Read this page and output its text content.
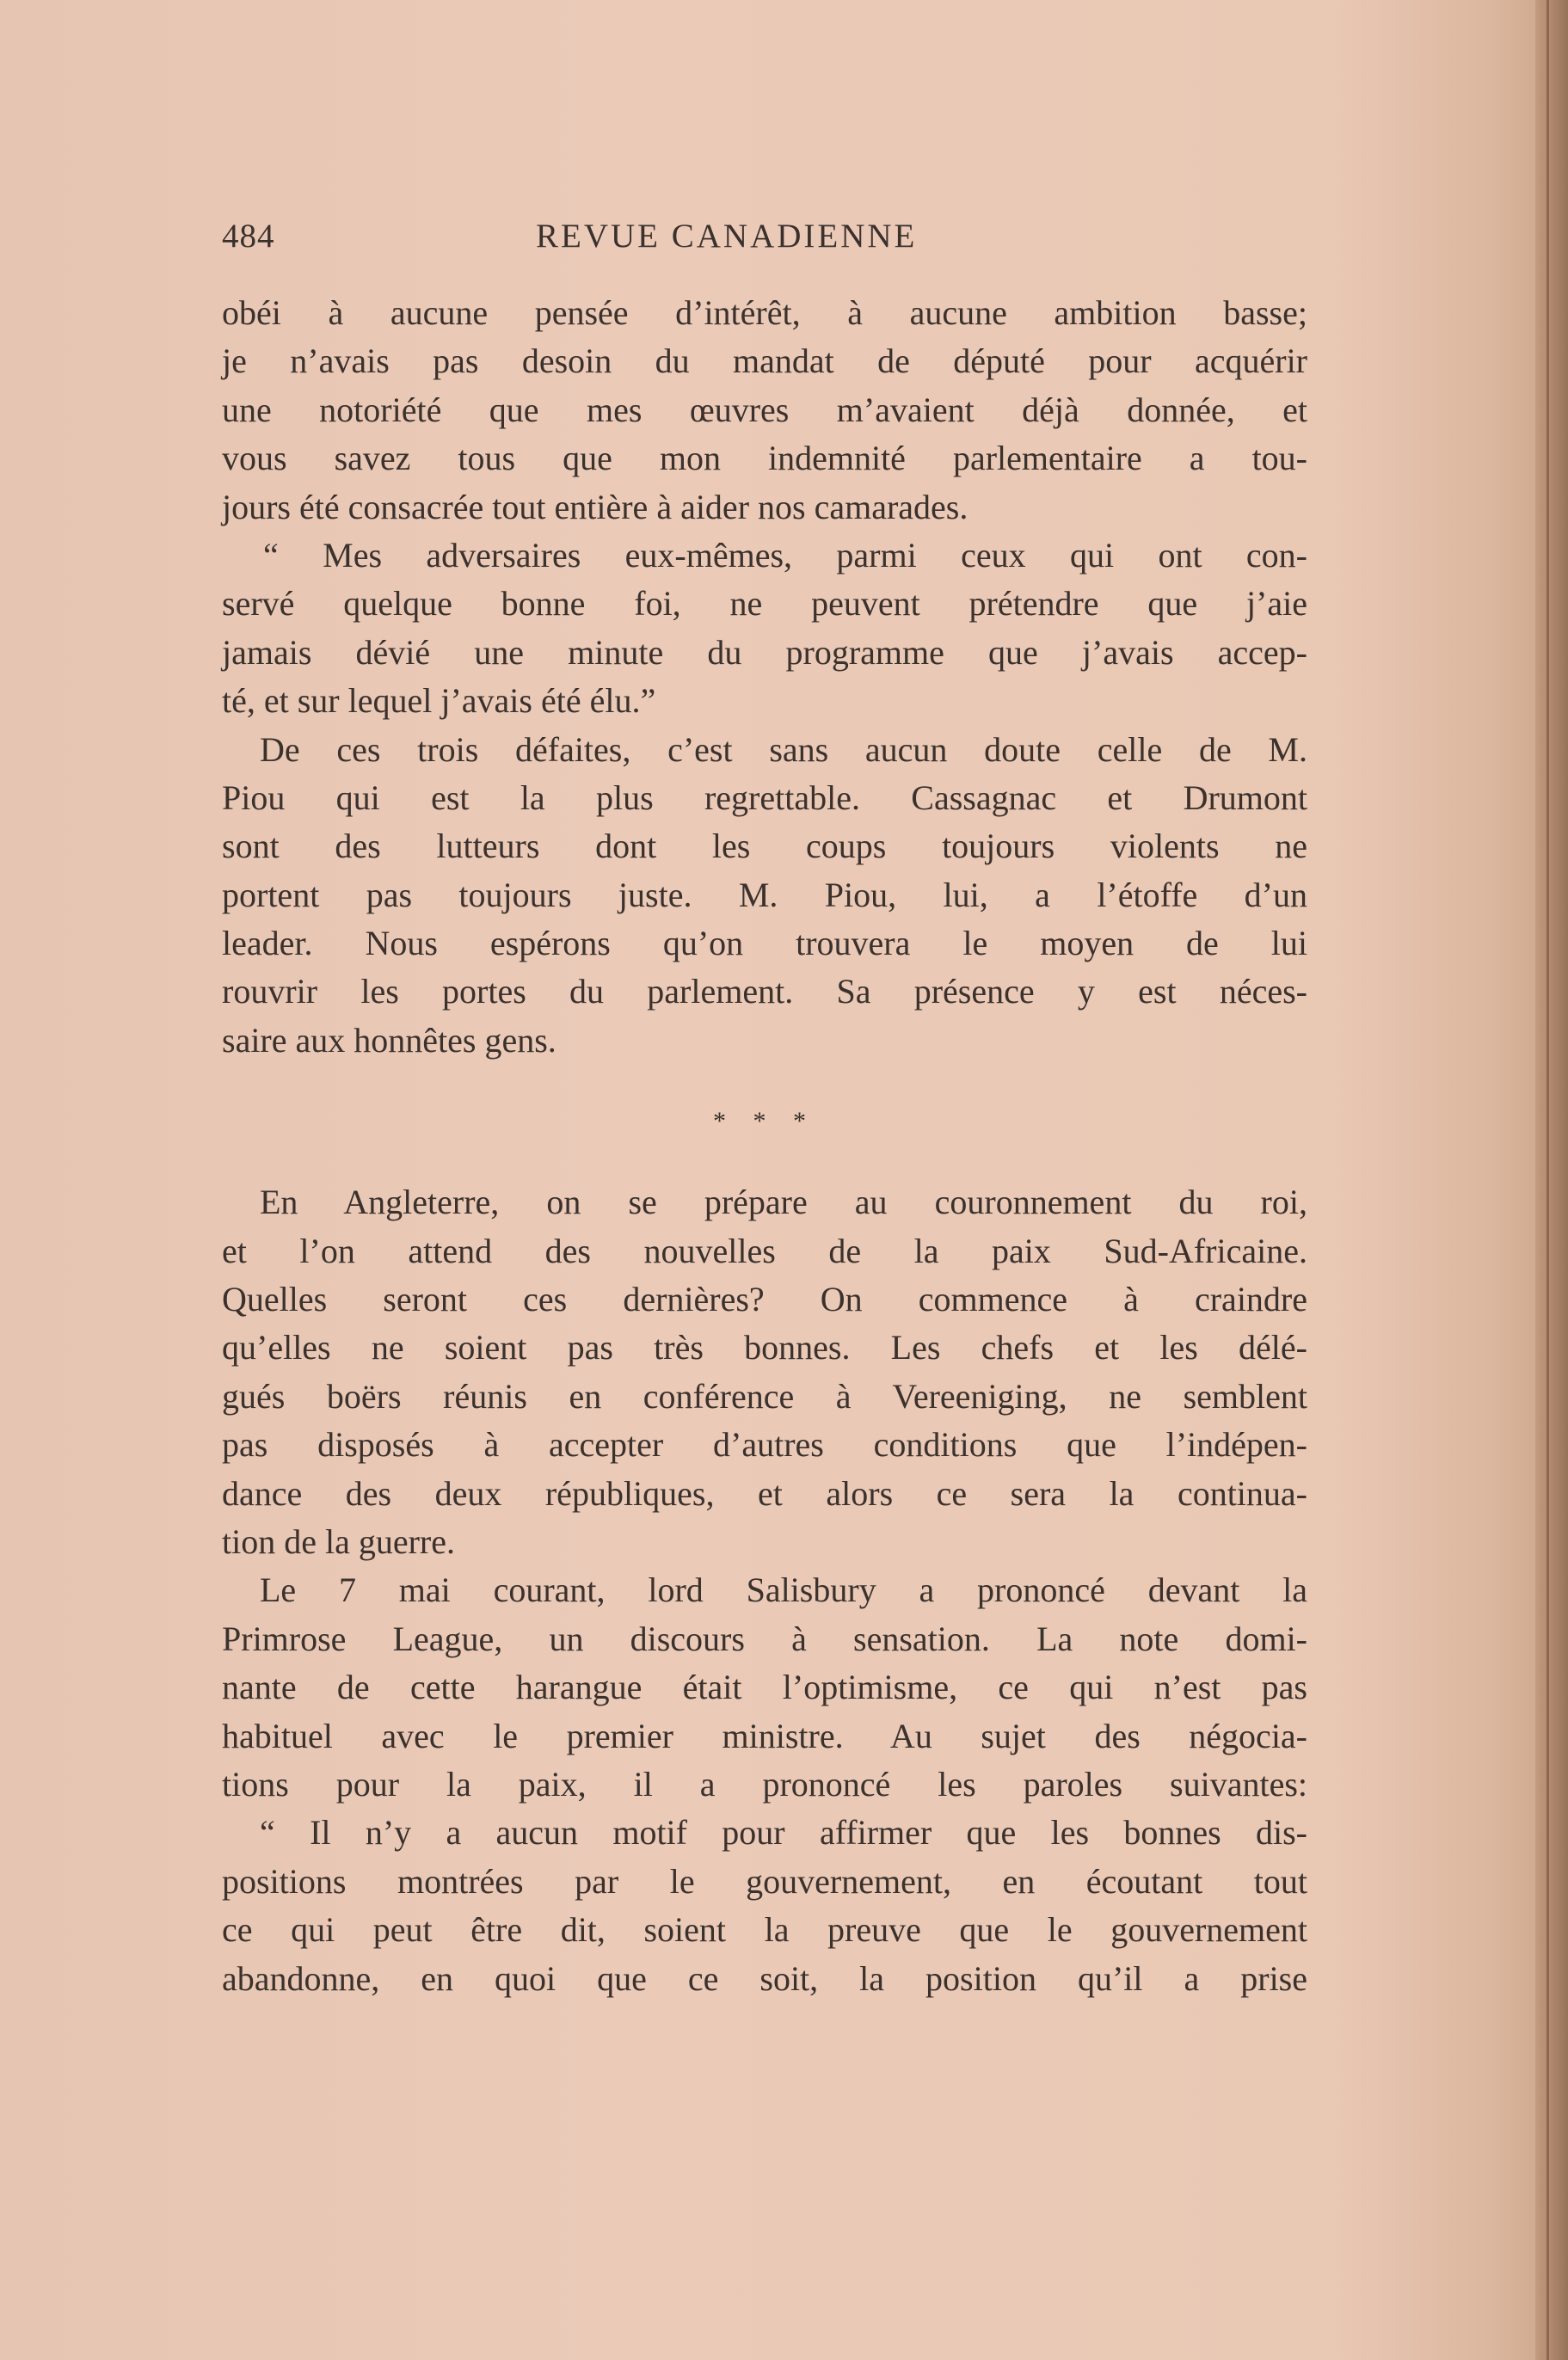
484	REVUE CANADIENNE
obéi à aucune pensée d’intérêt, à aucune ambition basse;
je n’avais pas desoin du mandat de député pour acquérir
une notoriété que mes œuvres m’avaient déjà donnée, et
vous savez tous que mon indemnité parlementaire a tou-
jours été consacrée tout entière à aider nos camarades.
“ Mes adversaires eux-mêmes, parmi ceux qui ont con-
servé quelque bonne foi, ne peuvent prétendre que j’aie
jamais dévié une minute du programme que j’avais accep-
té, et sur lequel j’avais été élu.”
De ces trois défaites, c’est sans aucun doute celle de M.
Piou qui est la plus regrettable. Cassagnac et Drumont
sont des lutteurs dont les coups toujours violents ne
portent pas toujours juste. M. Piou, lui, a l’étoffe d’un
leader. Nous espérons qu’on trouvera le moyen de lui
rouvrir les portes du parlement. Sa présence y est néces-
saire aux honnêtes gens.
* * *
En Angleterre, on se prépare au couronnement du roi,
et l’on attend des nouvelles de la paix Sud-Africaine.
Quelles seront ces dernières? On commence à craindre
qu’elles ne soient pas très bonnes. Les chefs et les délé-
gués boërs réunis en conférence à Vereeniging, ne semblent
pas disposés à accepter d’autres conditions que l’indépen-
dance des deux républiques, et alors ce sera la continua-
tion de la guerre.
Le 7 mai courant, lord Salisbury a prononcé devant la
Primrose League, un discours à sensation. La note domi-
nante de cette harangue était l’optimisme, ce qui n’est pas
habituel avec le premier ministre. Au sujet des négocia-
tions pour la paix, il a prononcé les paroles suivantes:
“ Il n’y a aucun motif pour affirmer que les bonnes dis-
positions montrées par le gouvernement, en écoutant tout
ce qui peut être dit, soient la preuve que le gouvernement
abandonne, en quoi que ce soit, la position qu’il a prise
